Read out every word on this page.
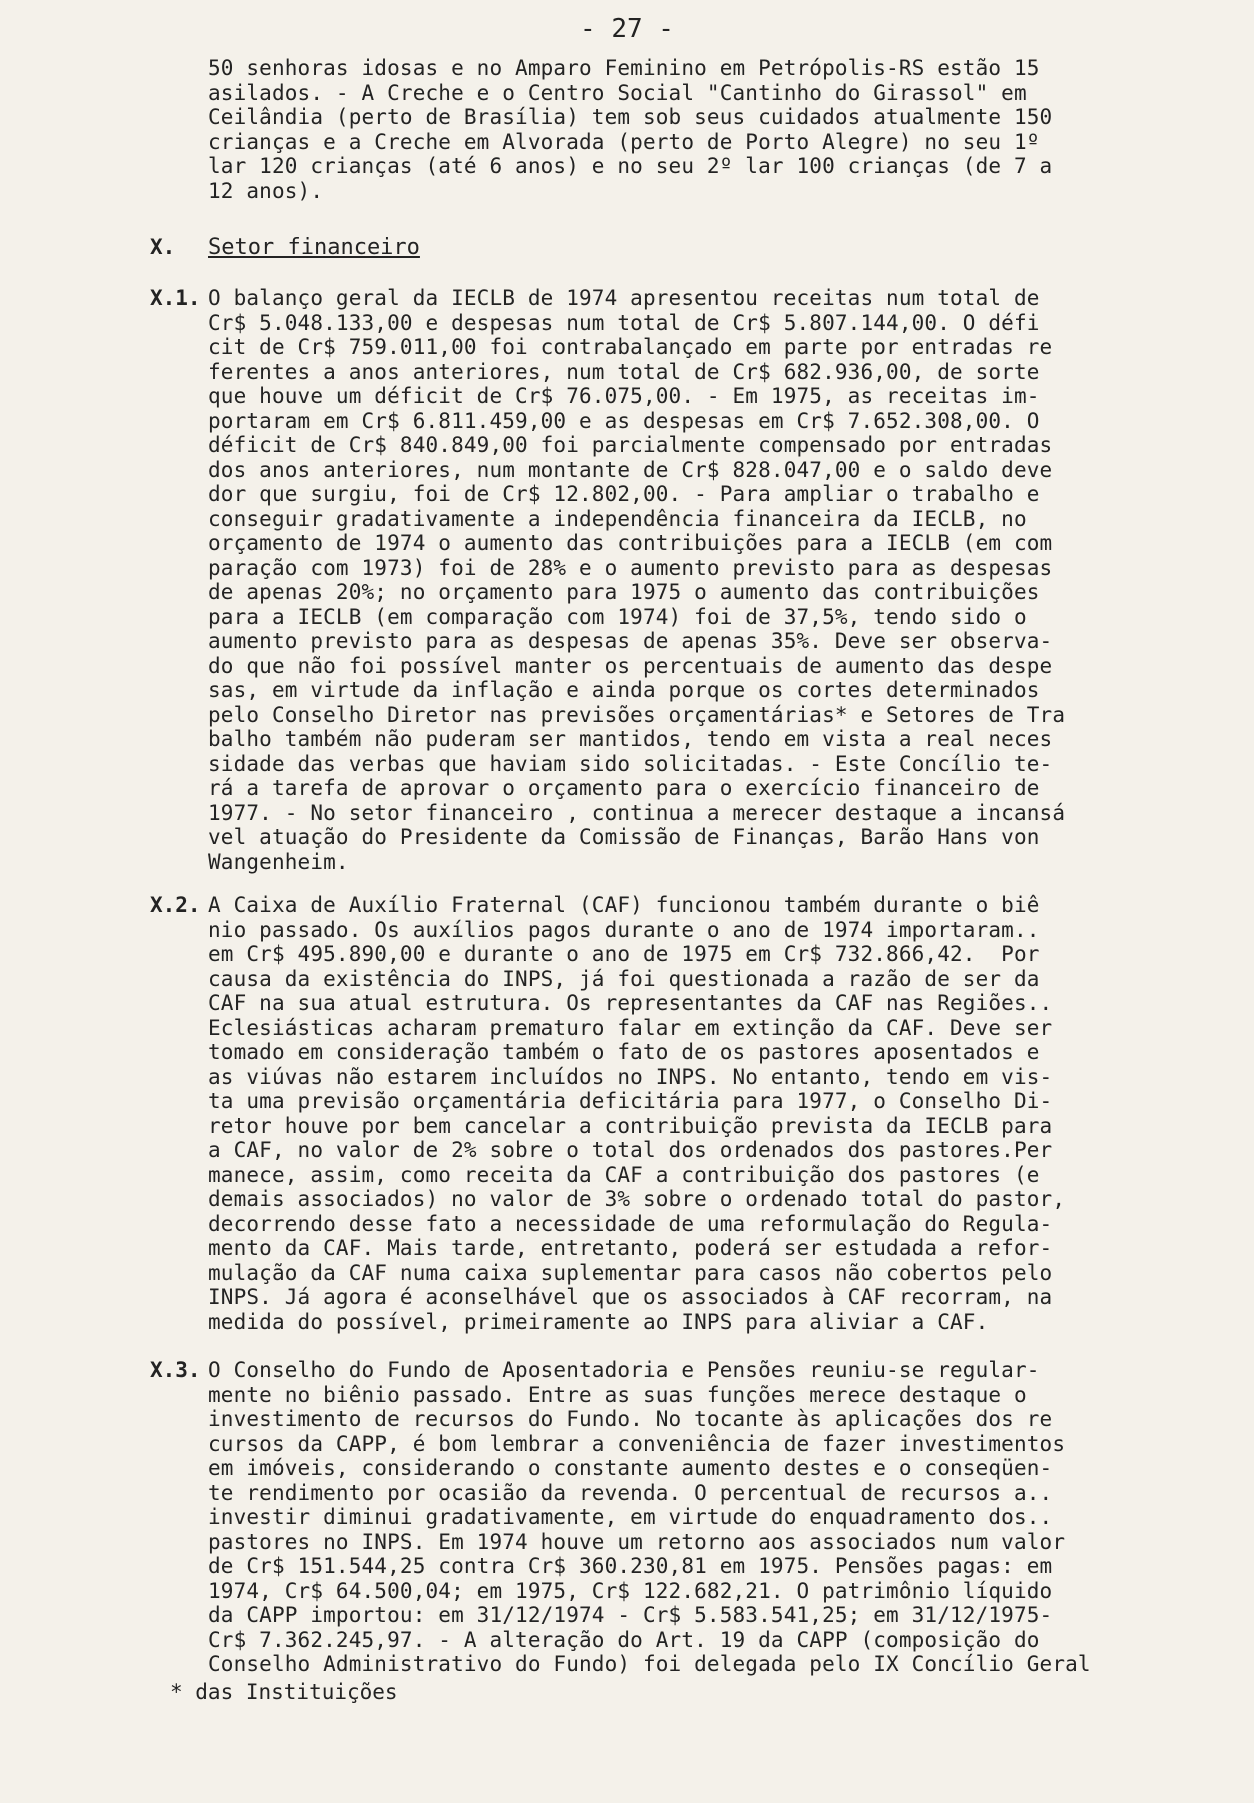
- 27 -
50 senhoras idosas e no Amparo Feminino em Petrópolis-RS estão 15
asilados. - A Creche e o Centro Social "Cantinho do Girassol" em
Ceilândia (perto de Brasília) tem sob seus cuidados atualmente 150
crianças e a Creche em Alvorada (perto de Porto Alegre) no seu 1º
lar 120 crianças (até 6 anos) e no seu 2º lar 100 crianças (de 7 a
12 anos).
X. Setor financeiro
X.1. O balanço geral da IECLB de 1974 apresentou receitas num total de
Cr$ 5.048.133,00 e despesas num total de Cr$ 5.807.144,00. O défi
cit de Cr$ 759.011,00 foi contrabalançado em parte por entradas re
ferentes a anos anteriores, num total de Cr$ 682.936,00, de sorte
que houve um déficit de Cr$ 76.075,00. - Em 1975, as receitas im-
portaram em Cr$ 6.811.459,00 e as despesas em Cr$ 7.652.308,00. O
déficit de Cr$ 840.849,00 foi parcialmente compensado por entradas
dos anos anteriores, num montante de Cr$ 828.047,00 e o saldo deve
dor que surgiu, foi de Cr$ 12.802,00. - Para ampliar o trabalho e
conseguir gradativamente a independência financeira da IECLB, no
orçamento de 1974 o aumento das contribuições para a IECLB (em com
paração com 1973) foi de 28% e o aumento previsto para as despesas
de apenas 20%; no orçamento para 1975 o aumento das contribuições
para a IECLB (em comparação com 1974) foi de 37,5%, tendo sido o
aumento previsto para as despesas de apenas 35%. Deve ser observa-
do que não foi possível manter os percentuais de aumento das despe
sas, em virtude da inflação e ainda porque os cortes determinados
pelo Conselho Diretor nas previsões orçamentárias* e Setores de Tra
balho também não puderam ser mantidos, tendo em vista a real neces
sidade das verbas que haviam sido solicitadas. - Este Concílio te-
rá a tarefa de aprovar o orçamento para o exercício financeiro de
1977. - No setor financeiro , continua a merecer destaque a incansá
vel atuação do Presidente da Comissão de Finanças, Barão Hans von
Wangenheim.
X.2. A Caixa de Auxílio Fraternal (CAF) funcionou também durante o biê
nio passado. Os auxílios pagos durante o ano de 1974 importaram..
em Cr$ 495.890,00 e durante o ano de 1975 em Cr$ 732.866,42.  Por
causa da existência do INPS, já foi questionada a razão de ser da
CAF na sua atual estrutura. Os representantes da CAF nas Regiões..
Eclesiásticas acharam prematuro falar em extinção da CAF. Deve ser
tomado em consideração também o fato de os pastores aposentados e
as viúvas não estarem incluídos no INPS. No entanto, tendo em vis-
ta uma previsão orçamentária deficitária para 1977, o Conselho Di-
retor houve por bem cancelar a contribuição prevista da IECLB para
a CAF, no valor de 2% sobre o total dos ordenados dos pastores.Per
manece, assim, como receita da CAF a contribuição dos pastores (e
demais associados) no valor de 3% sobre o ordenado total do pastor,
decorrendo desse fato a necessidade de uma reformulação do Regula-
mento da CAF. Mais tarde, entretanto, poderá ser estudada a refor-
mulação da CAF numa caixa suplementar para casos não cobertos pelo
INPS. Já agora é aconselhável que os associados à CAF recorram, na
medida do possível, primeiramente ao INPS para aliviar a CAF.
X.3. O Conselho do Fundo de Aposentadoria e Pensões reuniu-se regular-
mente no biênio passado. Entre as suas funções merece destaque o
investimento de recursos do Fundo. No tocante às aplicações dos re
cursos da CAPP, é bom lembrar a conveniência de fazer investimentos
em imóveis, considerando o constante aumento destes e o conseqüen-
te rendimento por ocasião da revenda. O percentual de recursos a..
investir diminui gradativamente, em virtude do enquadramento dos..
pastores no INPS. Em 1974 houve um retorno aos associados num valor
de Cr$ 151.544,25 contra Cr$ 360.230,81 em 1975. Pensões pagas: em
1974, Cr$ 64.500,04; em 1975, Cr$ 122.682,21. O patrimônio líquido
da CAPP importou: em 31/12/1974 - Cr$ 5.583.541,25; em 31/12/1975-
Cr$ 7.362.245,97. - A alteração do Art. 19 da CAPP (composição do
Conselho Administrativo do Fundo) foi delegada pelo IX Concílio Geral
* das Instituições
